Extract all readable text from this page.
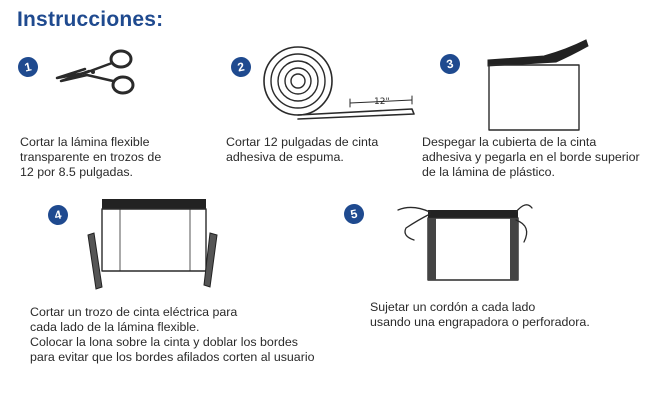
Instrucciones:
1
Cortar la lámina flexible
transparente en trozos de
12 por 8.5 pulgadas.
2
12"
Cortar 12 pulgadas de cinta
adhesiva de espuma.
3
Despegar la cubierta de la cinta
adhesiva y pegarla en el borde superior
de la lámina de plástico.
4
Cortar un trozo de cinta eléctrica para
cada lado de la lámina flexible.
Colocar la lona sobre la cinta y doblar los bordes
para evitar que los bordes afilados corten al usuario
5
Sujetar un cordón a cada lado
usando una engrapadora o perforadora.
